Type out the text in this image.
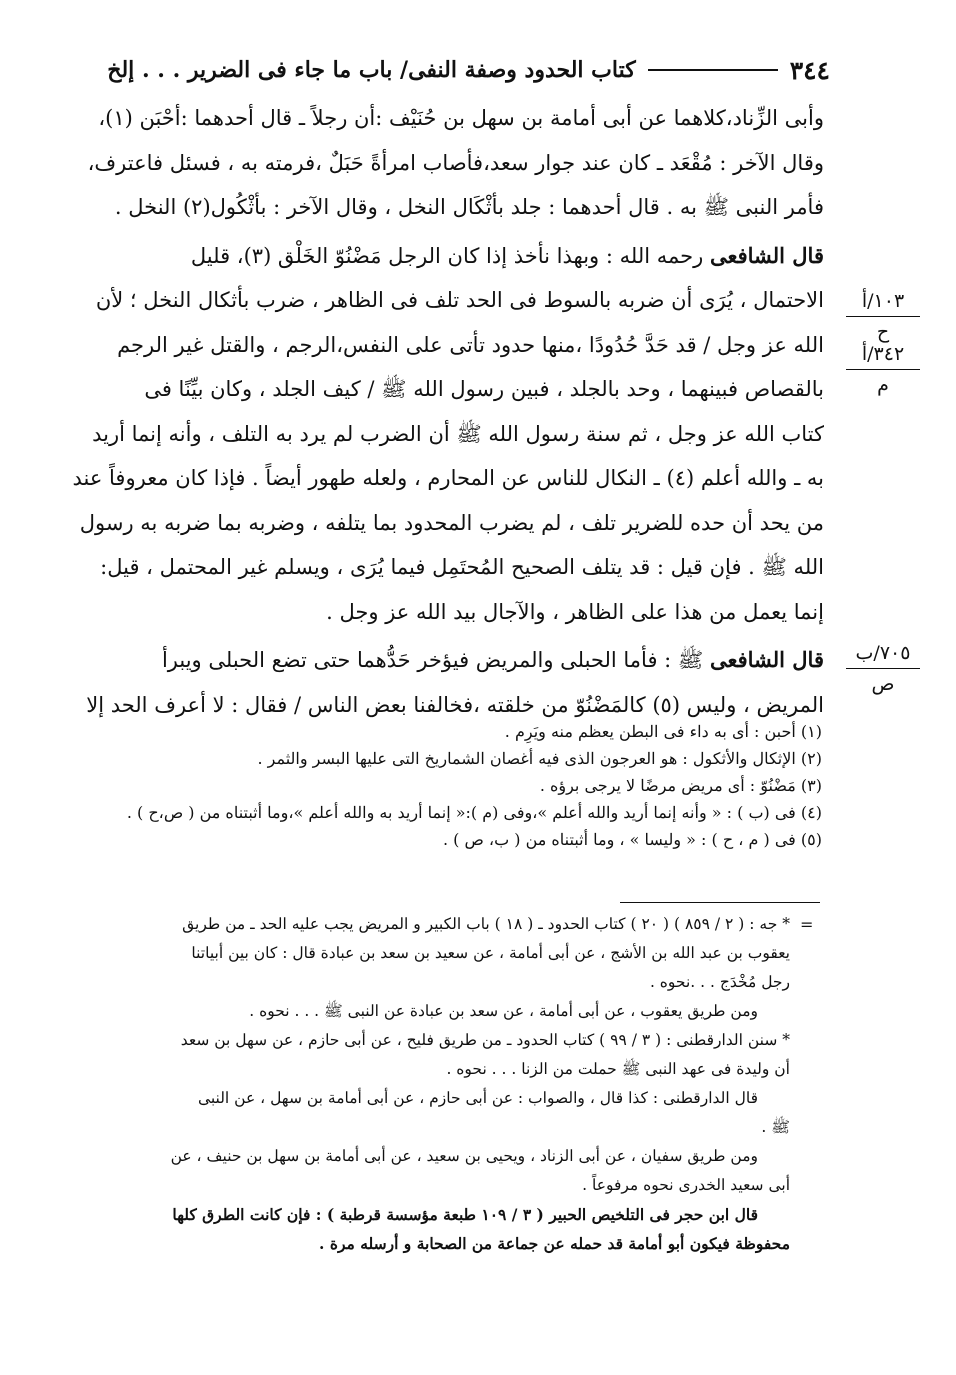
٣٤٤
كتاب الحدود وصفة النفى/ باب ما جاء فى الضرير . . . إلخ

وأبى الزِّناد،كلاهما عن أبى أمامة بن سهل بن حُنَيْف :أن رجلاً ـ قال أحدهما :أحْبَن (١)،

وقال الآخر : مُقْعَد ـ كان عند جوار سعد،فأصاب امرأةً حَبَلٌ ،فرمته به ، فسئل فاعترف،

فأمر النبى ﷺ به . قال أحدهما : جلد بأثْكَال النخل ، وقال الآخر : بأثْكُول(٢) النخل .

قال الشافعى رحمه الله : وبهذا نأخذ إذا كان الرجل مَضْنُوّ الخَلْق (٣)، قليل

الاحتمال ، يُرَى أن ضربه بالسوط فى الحد تلف فى الظاهر ، ضرب بأثكال النخل ؛ لأن

الله عز وجل / قد حَدَّ حُدُودًا ،منها حدود تأتى على النفس،الرجم ، والقتل غير الرجم

بالقصاص فبينهما ، وحد بالجلد ، فبين رسول الله ﷺ / كيف الجلد ، وكان بيِّنًا فى

كتاب الله عز وجل ، ثم سنة رسول الله ﷺ أن الضرب لم يرد به التلف ، وأنه إنما أريد

به ـ والله أعلم (٤) ـ النكال للناس عن المحارم ، ولعله طهور أيضاً . فإذا كان معروفاً عند

من يحد أن حده للضرير تلف ، لم يضرب المحدود بما يتلفه ، وضربه بما ضربه به رسول

الله ﷺ . فإن قيل : قد يتلف الصحيح المُحتَمِل فيما يُرَى ، ويسلم غير المحتمل ، قيل:

إنما يعمل من هذا على الظاهر ، والآجال بيد الله عز وجل .

قال الشافعى ﷺ : فأما الحبلى والمريض فيؤخر حَدُّهما حتى تضع الحبلى ويبرأ

المريض ، وليس (٥) كالمَضْنُوّ من خلقته ،فخالفنا بعض الناس / فقال : لا أعرف الحد إلا

١٠٣/أ
ح
٣٤٢/أ
م
٧٠٥/ب
ص
(١) أحبن : أى به داء فى البطن يعظم منه ويَرِم .
(٢) الإثكال والأثكول : هو العرجون الذى فيه أغصان الشماريخ التى عليها البسر والثمر .
(٣) مَضْنُوّ : أى مريض مرضًا لا يرجى برؤه .
(٤) فى (ب ) : « وأنه إنما أريد والله أعلم »،وفى (م ):« إنما أريد به والله أعلم »،وما أثبتناه من ( ص،ح ) .
(٥) فى ( م ، ح ) : « وليسا » ، وما أثبتناه من ( ب، ص ) .
=
* جه : ( ٢ / ٨٥٩ ) ( ٢٠ ) كتاب الحدود ـ ( ١٨ ) باب الكبير و المريض يجب عليه الحد ـ من طريق
يعقوب بن عبد الله بن الأشج ، عن أبى أمامة ، عن سعيد بن سعد بن عبادة قال : كان بين أبياتنا
رجل مُخْدَج . . .نحوه .
ومن طريق يعقوب ، عن أبى أمامة ، عن سعد بن عبادة عن النبى ﷺ . . . نحوه .
* سنن الدارقطنى : ( ٣ / ٩٩ ) كتاب الحدود ـ من طريق فليح ، عن أبى حازم ، عن سهل بن سعد
أن وليدة فى عهد النبى ﷺ حملت من الزنا . . . نحوه .
قال الدارقطنى : كذا قال ، والصواب : عن أبى حازم ، عن أبى أمامة بن سهل ، عن النبى
ﷺ .
ومن طريق سفيان ، عن أبى الزناد ، ويحيى بن سعيد ، عن أبى أمامة بن سهل بن حنيف ، عن
أبى سعيد الخدرى نحوه مرفوعاً .
قال ابن حجر فى التلخيص الحبير ( ٣ / ١٠٩ طبعة مؤسسة قرطبة ) : فإن كانت الطرق كلها
محفوظة فيكون أبو أمامة قد حمله عن جماعة من الصحابة و أرسله مرة .
